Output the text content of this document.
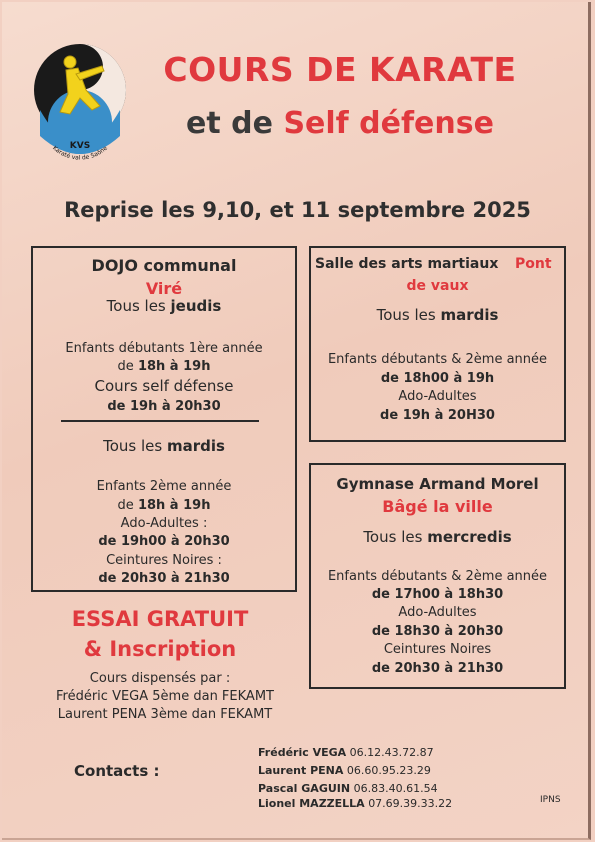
KVS
Karaté val de Saône
COURS DE KARATE
et de Self défense
Reprise les 9,10, et 11 septembre 2025
DOJO communal
Viré
Tous les jeudis
Enfants débutants 1ère année
de 18h à 19h
Cours self défense
de 19h à 20h30
Tous les mardis
Enfants 2ème année
de 18h à 19h
Ado-Adultes :
de 19h00 à 20h30
Ceintures Noires :
de 20h30 à 21h30
Salle des arts martiaux Pont
de vaux
Tous les mardis
Enfants débutants & 2ème année
de 18h00 à 19h
Ado-Adultes
de 19h à 20H30
Gymnase Armand Morel
Bâgé la ville
Tous les mercredis
Enfants débutants & 2ème année
de 17h00 à 18h30
Ado-Adultes
de 18h30 à 20h30
Ceintures Noires
de 20h30 à 21h30
ESSAI GRATUIT
& Inscription
Cours dispensés par :
Frédéric VEGA 5ème dan FEKAMT
Laurent PENA 3ème dan FEKAMT
Contacts :
Frédéric VEGA 06.12.43.72.87
Laurent PENA 06.60.95.23.29
Pascal GAGUIN 06.83.40.61.54
Lionel MAZZELLA 07.69.39.33.22	IPNS
